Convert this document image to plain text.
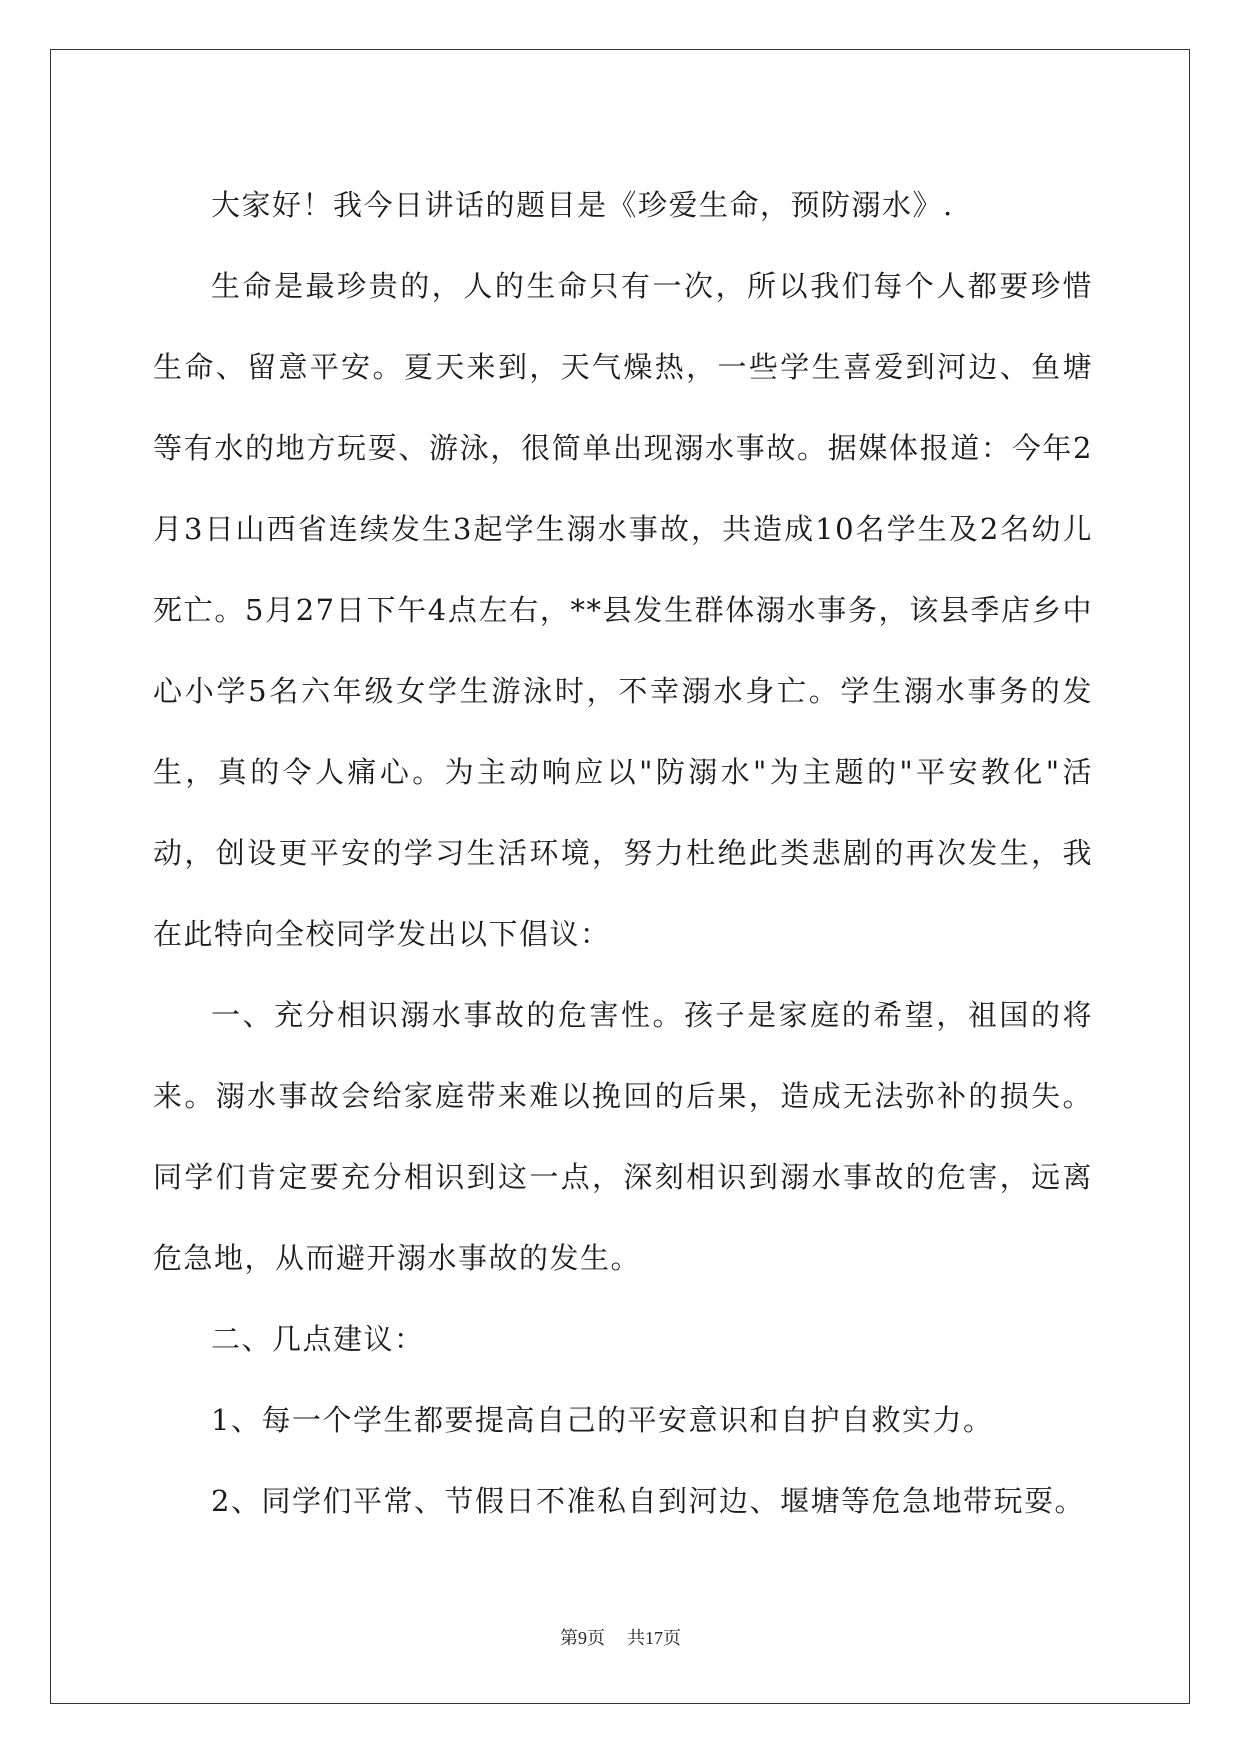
大家好！我今日讲话的题目是《珍爱生命，预防溺水》.

生命是最珍贵的，人的生命只有一次，所以我们每个人都要珍惜生命、留意平安。夏天来到，天气燥热，一些学生喜爱到河边、鱼塘等有水的地方玩耍、游泳，很简单出现溺水事故。据媒体报道：今年2月3日山西省连续发生3起学生溺水事故，共造成10名学生及2名幼儿死亡。5月27日下午4点左右，**县发生群体溺水事务，该县季店乡中心小学5名六年级女学生游泳时，不幸溺水身亡。学生溺水事务的发生，真的令人痛心。为主动响应以"防溺水"为主题的"平安教化"活动，创设更平安的学习生活环境，努力杜绝此类悲剧的再次发生，我在此特向全校同学发出以下倡议：

一、充分相识溺水事故的危害性。孩子是家庭的希望，祖国的将来。溺水事故会给家庭带来难以挽回的后果，造成无法弥补的损失。同学们肯定要充分相识到这一点，深刻相识到溺水事故的危害，远离危急地，从而避开溺水事故的发生。

二、几点建议：

1、每一个学生都要提高自己的平安意识和自护自救实力。

2、同学们平常、节假日不准私自到河边、堰塘等危急地带玩耍。

第9页 共17页
